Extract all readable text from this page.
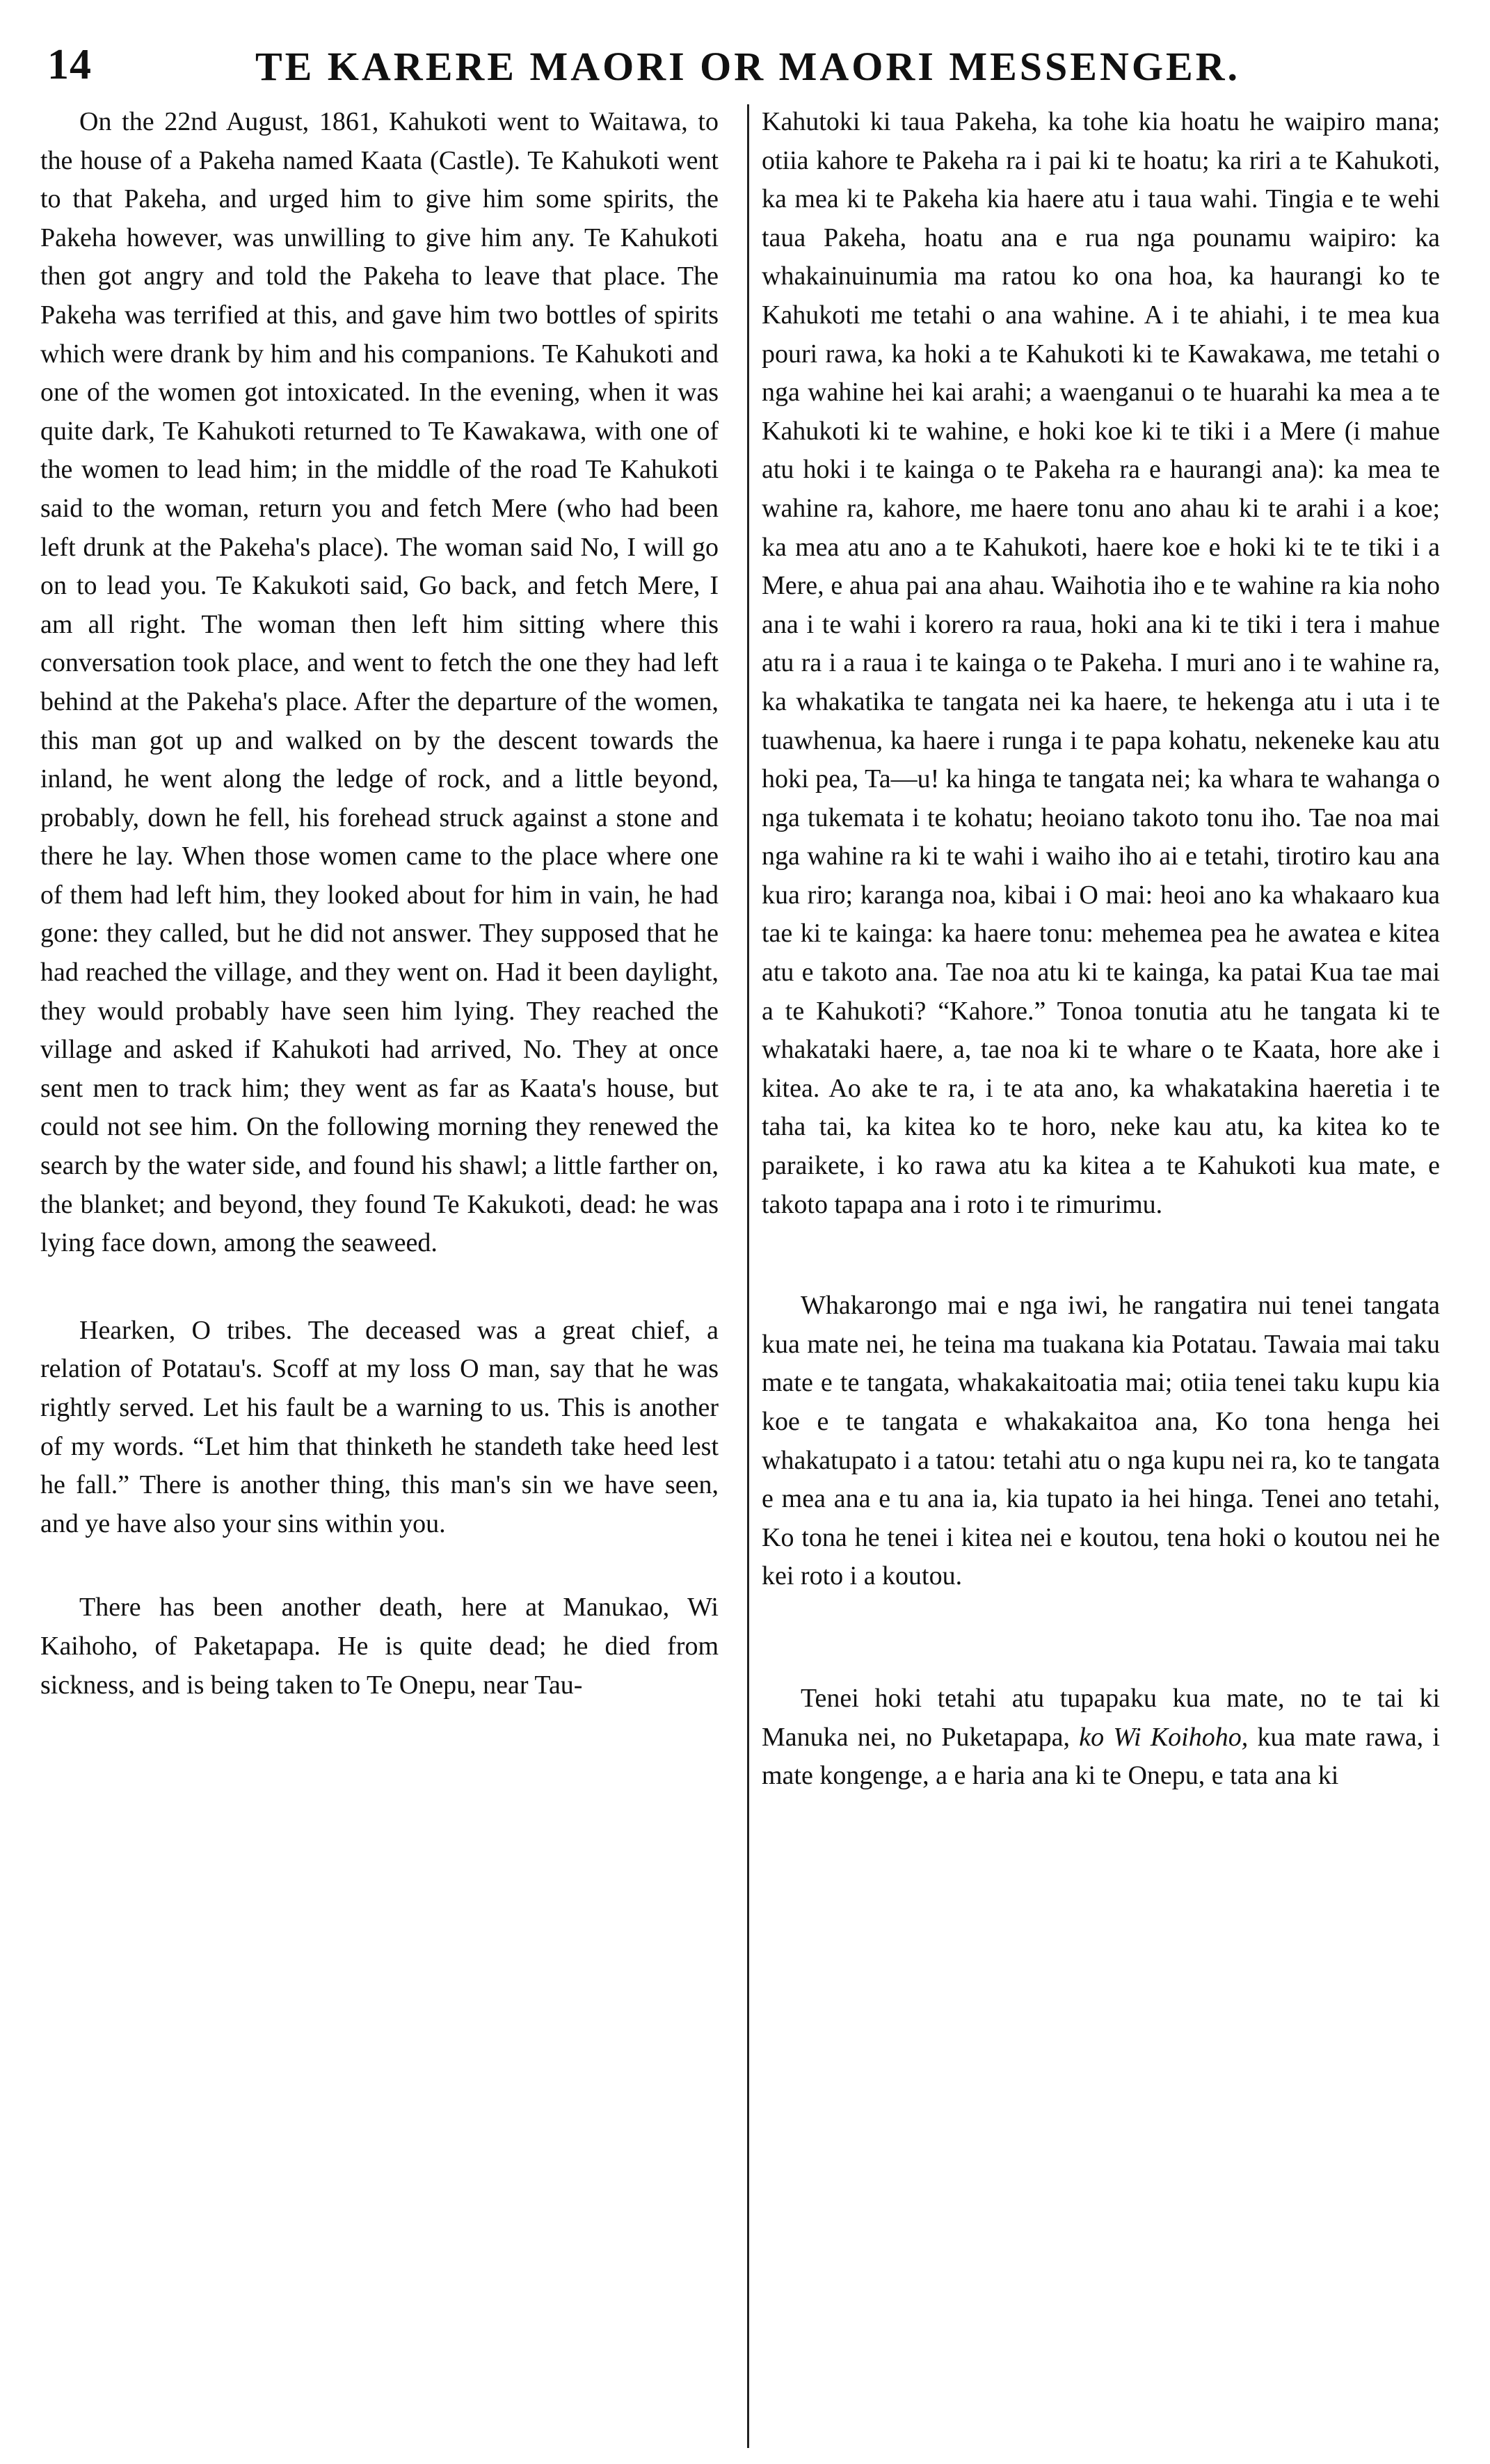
14	TE KARERE MAORI OR MAORI MESSENGER.

On the 22nd August, 1861, Kahukoti went to Waitawa, to the house of a Pakeha named Kaata (Castle). Te Kahukoti went to that Pakeha, and urged him to give him some spirits, the Pakeha however, was unwilling to give him any. Te Kahukoti then got angry and told the Pakeha to leave that place. The Pakeha was terrified at this, and gave him two bottles of spirits which were drank by him and his companions. Te Kahukoti and one of the women got intoxicated. In the evening, when it was quite dark, Te Kahukoti returned to Te Kawakawa, with one of the women to lead him; in the middle of the road Te Kahukoti said to the woman, return you and fetch Mere (who had been left drunk at the Pakeha's place). The woman said No, I will go on to lead you. Te Kakukoti said, Go back, and fetch Mere, I am all right. The woman then left him sitting where this conversation took place, and went to fetch the one they had left behind at the Pakeha's place. After the departure of the women, this man got up and walked on by the descent towards the inland, he went along the ledge of rock, and a little beyond, probably, down he fell, his forehead struck against a stone and there he lay. When those women came to the place where one of them had left him, they looked about for him in vain, he had gone: they called, but he did not answer. They supposed that he had reached the village, and they went on. Had it been daylight, they would probably have seen him lying. They reached the village and asked if Kahukoti had arrived, No. They at once sent men to track him; they went as far as Kaata's house, but could not see him. On the following morning they renewed the search by the water side, and found his shawl; a little farther on, the blanket; and beyond, they found Te Kakukoti, dead: he was lying face down, among the seaweed.

Hearken, O tribes. The deceased was a great chief, a relation of Potatau's. Scoff at my loss O man, say that he was rightly served. Let his fault be a warning to us. This is another of my words. “Let him that thinketh he standeth take heed lest he fall.” There is another thing, this man's sin we have seen, and ye have also your sins within you.

There has been another death, here at Manukao, Wi Kaihoho, of Paketapapa. He is quite dead; he died from sickness, and is being taken to Te Onepu, near Tau-

Kahutoki ki taua Pakeha, ka tohe kia hoatu he waipiro mana; otiia kahore te Pakeha ra i pai ki te hoatu; ka riri a te Kahukoti, ka mea ki te Pakeha kia haere atu i taua wahi. Tingia e te wehi taua Pakeha, hoatu ana e rua nga pounamu waipiro: ka whakainuinumia ma ratou ko ona hoa, ka haurangi ko te Kahukoti me tetahi o ana wahine. A i te ahiahi, i te mea kua pouri rawa, ka hoki a te Kahukoti ki te Kawakawa, me tetahi o nga wahine hei kai arahi; a waenganui o te huarahi ka mea a te Kahukoti ki te wahine, e hoki koe ki te tiki i a Mere (i mahue atu hoki i te kainga o te Pakeha ra e haurangi ana): ka mea te wahine ra, kahore, me haere tonu ano ahau ki te arahi i a koe; ka mea atu ano a te Kahukoti, haere koe e hoki ki te te tiki i a Mere, e ahua pai ana ahau. Waihotia iho e te wahine ra kia noho ana i te wahi i korero ra raua, hoki ana ki te tiki i tera i mahue atu ra i a raua i te kainga o te Pakeha. I muri ano i te wahine ra, ka whakatika te tangata nei ka haere, te hekenga atu i uta i te tuawhenua, ka haere i runga i te papa kohatu, nekeneke kau atu hoki pea, Ta—u! ka hinga te tangata nei; ka whara te wahanga o nga tukemata i te kohatu; heoiano takoto tonu iho. Tae noa mai nga wahine ra ki te wahi i waiho iho ai e tetahi, tirotiro kau ana kua riro; karanga noa, kibai i O mai: heoi ano ka whakaaro kua tae ki te kainga: ka haere tonu: mehemea pea he awatea e kitea atu e takoto ana. Tae noa atu ki te kainga, ka patai Kua tae mai a te Kahukoti? “Kahore.” Tonoa tonutia atu he tangata ki te whakataki haere, a, tae noa ki te whare o te Kaata, hore ake i kitea. Ao ake te ra, i te ata ano, ka whakatakina haeretia i te taha tai, ka kitea ko te horo, neke kau atu, ka kitea ko te paraikete, i ko rawa atu ka kitea a te Kahukoti kua mate, e takoto tapapa ana i roto i te rimurimu.

Whakarongo mai e nga iwi, he rangatira nui tenei tangata kua mate nei, he teina ma tuakana kia Potatau. Tawaia mai taku mate e te tangata, whakakaitoatia mai; otiia tenei taku kupu kia koe e te tangata e whakakaitoa ana, Ko tona henga hei whakatupato i a tatou: tetahi atu o nga kupu nei ra, ko te tangata e mea ana e tu ana ia, kia tupato ia hei hinga. Tenei ano tetahi, Ko tona he tenei i kitea nei e koutou, tena hoki o koutou nei he kei roto i a koutou.

Tenei hoki tetahi atu tupapaku kua mate, no te tai ki Manuka nei, no Puketapapa, ko Wi Koihoho, kua mate rawa, i mate kongenge, a e haria ana ki te Onepu, e tata ana ki
